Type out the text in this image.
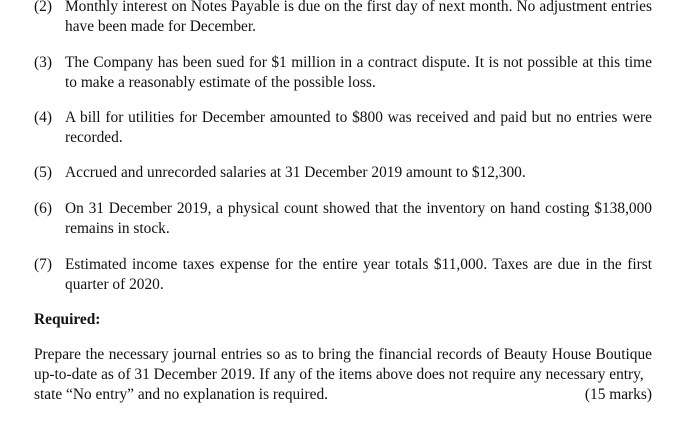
(2) Monthly interest on Notes Payable is due on the first day of next month. No adjustment entries have been made for December.
(3) The Company has been sued for $1 million in a contract dispute. It is not possible at this time to make a reasonably estimate of the possible loss.
(4) A bill for utilities for December amounted to $800 was received and paid but no entries were recorded.
(5) Accrued and unrecorded salaries at 31 December 2019 amount to $12,300.
(6) On 31 December 2019, a physical count showed that the inventory on hand costing $138,000 remains in stock.
(7) Estimated income taxes expense for the entire year totals $11,000. Taxes are due in the first quarter of 2020.
Required:
Prepare the necessary journal entries so as to bring the financial records of Beauty House Boutique up-to-date as of 31 December 2019. If any of the items above does not require any necessary entry,
state “No entry” and no explanation is required.	(15 marks)
